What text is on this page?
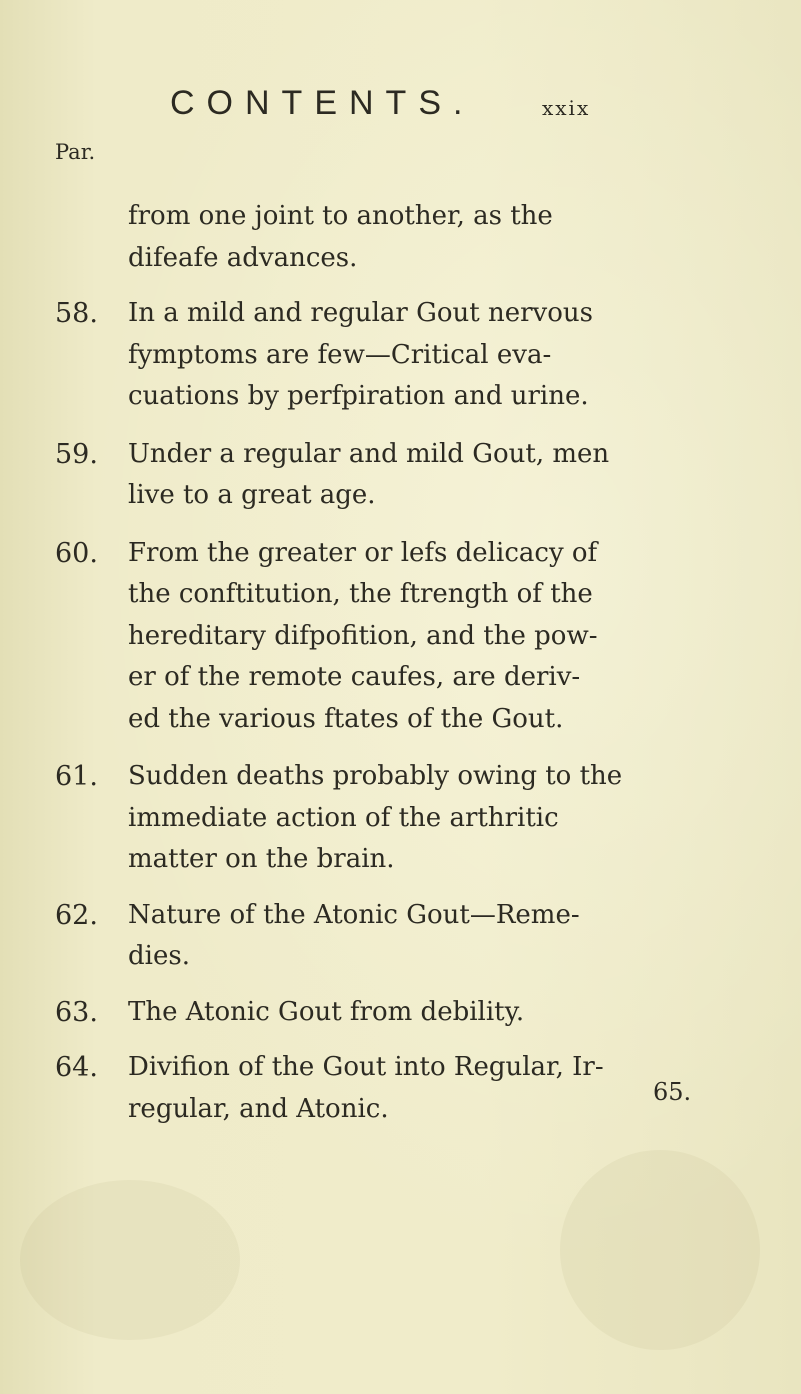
CONTENTS.	xxix
Par.
from one joint to another, as the
difeafe advances.
58.	In a mild and regular Gout nervous
fymptoms are few—Critical eva-
cuations by perfpiration and urine.
59.	Under a regular and mild Gout, men
live to a great age.
60.	From the greater or lefs delicacy of
the conftitution, the ftrength of the
hereditary difpofition, and the pow-
er of the remote caufes, are deriv-
ed the various ftates of the Gout.
61.	Sudden deaths probably owing to the
immediate action of the arthritic
matter on the brain.
62.	Nature of the Atonic Gout—Reme-
dies.
63.	The Atonic Gout from debility.
64.	Divifion of the Gout into Regular, Ir-
regular, and Atonic.
65.
